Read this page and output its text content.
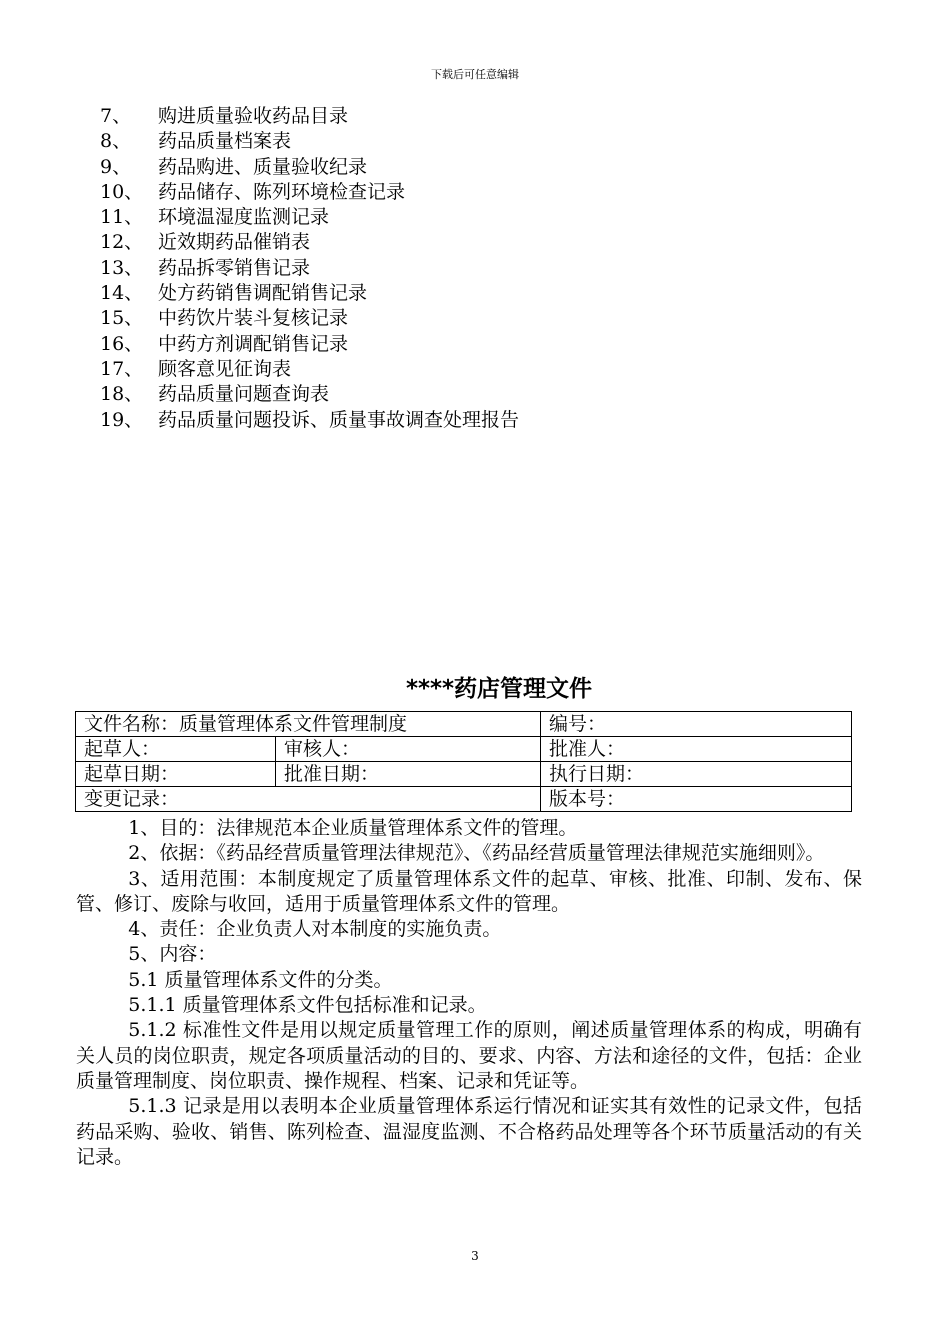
下载后可任意编辑
7、	购进质量验收药品目录
8、	药品质量档案表
9、	药品购进、质量验收纪录
10、 药品储存、陈列环境检查记录
11、 环境温湿度监测记录
12、 近效期药品催销表
13、 药品拆零销售记录
14、 处方药销售调配销售记录
15、 中药饮片装斗复核记录
16、 中药方剂调配销售记录
17、 顾客意见征询表
18、 药品质量问题查询表
19、 药品质量问题投诉、质量事故调查处理报告
****药店管理文件
文件名称：质量管理体系文件管理制度		编号：
起草人：	审核人：	批准人：
起草日期：	批准日期：	执行日期：
变更记录：		版本号：

1、目的：法律规范本企业质量管理体系文件的管理。

2、依据：《药品经营质量管理法律规范》、《药品经营质量管理法律规范实施细则》。

3、适用范围：本制度规定了质量管理体系文件的起草、审核、批准、印制、发布、保管、修订、废除与收回，适用于质量管理体系文件的管理。

4、责任：企业负责人对本制度的实施负责。

5、内容：

5.1 质量管理体系文件的分类。

5.1.1 质量管理体系文件包括标准和记录。

5.1.2 标准性文件是用以规定质量管理工作的原则，阐述质量管理体系的构成，明确有关人员的岗位职责，规定各项质量活动的目的、要求、内容、方法和途径的文件，包括：企业质量管理制度、岗位职责、操作规程、档案、记录和凭证等。

5.1.3 记录是用以表明本企业质量管理体系运行情况和证实其有效性的记录文件，包括药品采购、验收、销售、陈列检查、温湿度监测、不合格药品处理等各个环节质量活动的有关记录。

3
